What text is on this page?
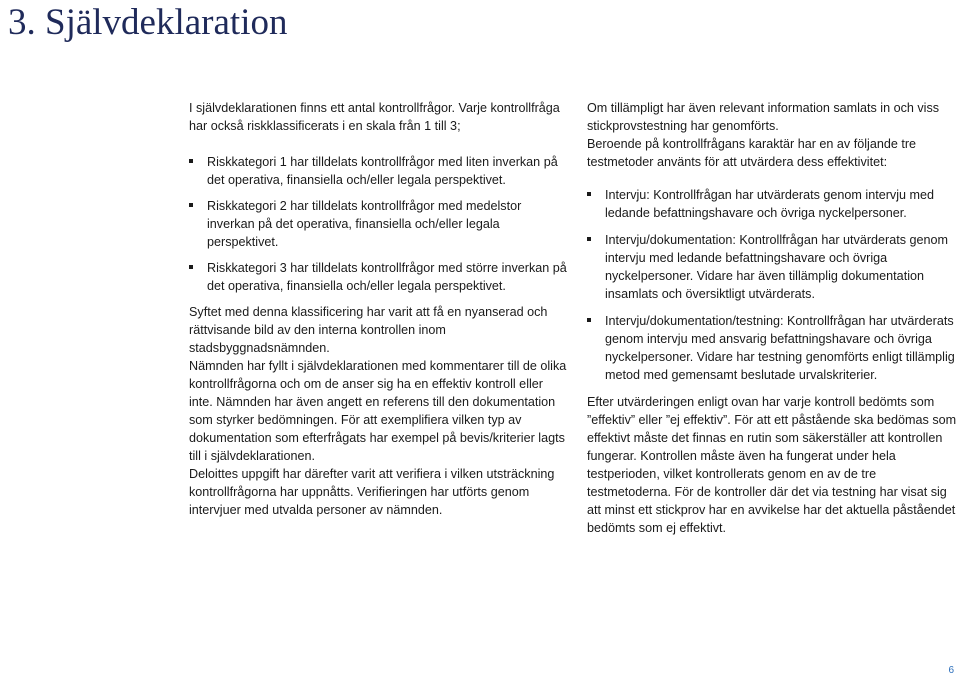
3. Självdeklaration

I självdeklarationen finns ett antal kontrollfrågor. Varje kontrollfråga har också riskklassificerats i en skala från 1 till 3;

Riskkategori 1 har tilldelats kontrollfrågor med liten inverkan på det operativa, finansiella och/eller legala perspektivet.
Riskkategori 2 har tilldelats kontrollfrågor med medelstor inverkan på det operativa, finansiella och/eller legala perspektivet.
Riskkategori 3 har tilldelats kontrollfrågor med större inverkan på det operativa, finansiella och/eller legala perspektivet.

Syftet med denna klassificering har varit att få en nyanserad och rättvisande bild av den interna kontrollen inom stadsbyggnadsnämnden.

Nämnden har fyllt i självdeklarationen med kommentarer till de olika kontrollfrågorna och om de anser sig ha en effektiv kontroll eller inte. Nämnden har även angett en referens till den dokumentation som styrker bedömningen. För att exemplifiera vilken typ av dokumentation som efterfrågats har exempel på bevis/kriterier lagts till i självdeklarationen.

Deloittes uppgift har därefter varit att verifiera i vilken utsträckning kontrollfrågorna har uppnåtts. Verifieringen har utförts genom intervjuer med utvalda personer av nämnden.

Om tillämpligt har även relevant information samlats in och viss stickprovstestning har genomförts.

Beroende på kontrollfrågans karaktär har en av följande tre testmetoder använts för att utvärdera dess effektivitet:

Intervju: Kontrollfrågan har utvärderats genom intervju med ledande befattningshavare och övriga nyckelpersoner.
Intervju/dokumentation: Kontrollfrågan har utvärderats genom intervju med ledande befattningshavare och övriga nyckelpersoner. Vidare har även tillämplig dokumentation insamlats och översiktligt utvärderats.
Intervju/dokumentation/testning: Kontrollfrågan har utvärderats genom intervju med ansvarig befattningshavare och övriga nyckelpersoner. Vidare har testning genomförts enligt tillämplig metod med gemensamt beslutade urvalskriterier.

Efter utvärderingen enligt ovan har varje kontroll bedömts som ”effektiv” eller ”ej effektiv”. För att ett påstående ska bedömas som effektivt måste det finnas en rutin som säkerställer att kontrollen fungerar. Kontrollen måste även ha fungerat under hela testperioden, vilket kontrollerats genom en av de tre testmetoderna. För de kontroller där det via testning har visat sig att minst ett stickprov har en avvikelse har det aktuella påståendet bedömts som ej effektivt.

6
